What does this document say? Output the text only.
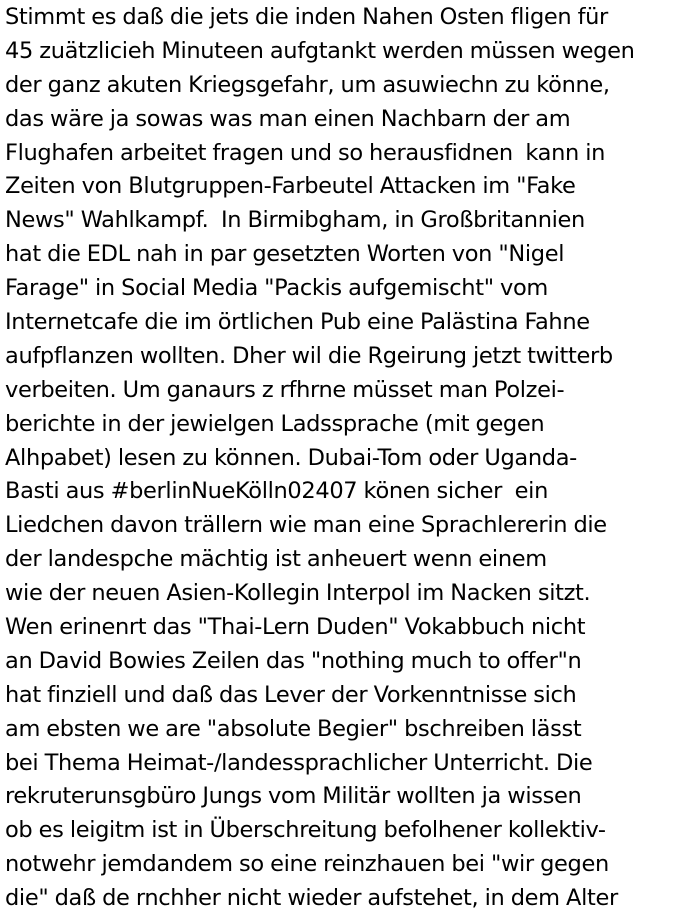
Stimmt es daß die jets die inden Nahen Osten fligen für
45 zuätzlicieh Minuteen aufgtankt werden müssen wegen
der ganz akuten Kriegsgefahr, um asuwiechn zu könne,
das wäre ja sowas was man einen Nachbarn der am
Flughafen arbeitet fragen und so herausfidnen  kann in
Zeiten von Blutgruppen-Farbeutel Attacken im "Fake
News" Wahlkampf.  In Birmibgham, in Großbritannien
hat die EDL nah in par gesetzten Worten von "Nigel
Farage" in Social Media "Packis aufgemischt" vom
Internetcafe die im örtlichen Pub eine Palästina Fahne
aufpflanzen wollten. Dher wil die Rgeirung jetzt twitterb
verbeiten. Um ganaurs z rfhrne müsset man Polzei-
berichte in der jewielgen Ladssprache (mit gegen
Alhpabet) lesen zu können. Dubai-Tom oder Uganda-
Basti aus #berlinNueKölln02407 könen sicher  ein
Liedchen davon trällern wie man eine Sprachlererin die
der landespche mächtig ist anheuert wenn einem
wie der neuen Asien-Kollegin Interpol im Nacken sitzt.
Wen erinenrt das "Thai-Lern Duden" Vokabbuch nicht
an David Bowies Zeilen das "nothing much to offer"n
hat finziell und daß das Lever der Vorkenntnisse sich
am ebsten we are "absolute Begier" bschreiben lässt
bei Thema Heimat-/landessprachlicher Unterricht. Die
rekruterunsgbüro Jungs vom Militär wollten ja wissen
ob es leigitm ist in Überschreitung befolhener kollektiv-
notwehr jemdandem so eine reinzhauen bei "wir gegen
die" daß de rnchher nicht wieder aufstehet, in dem Alter
